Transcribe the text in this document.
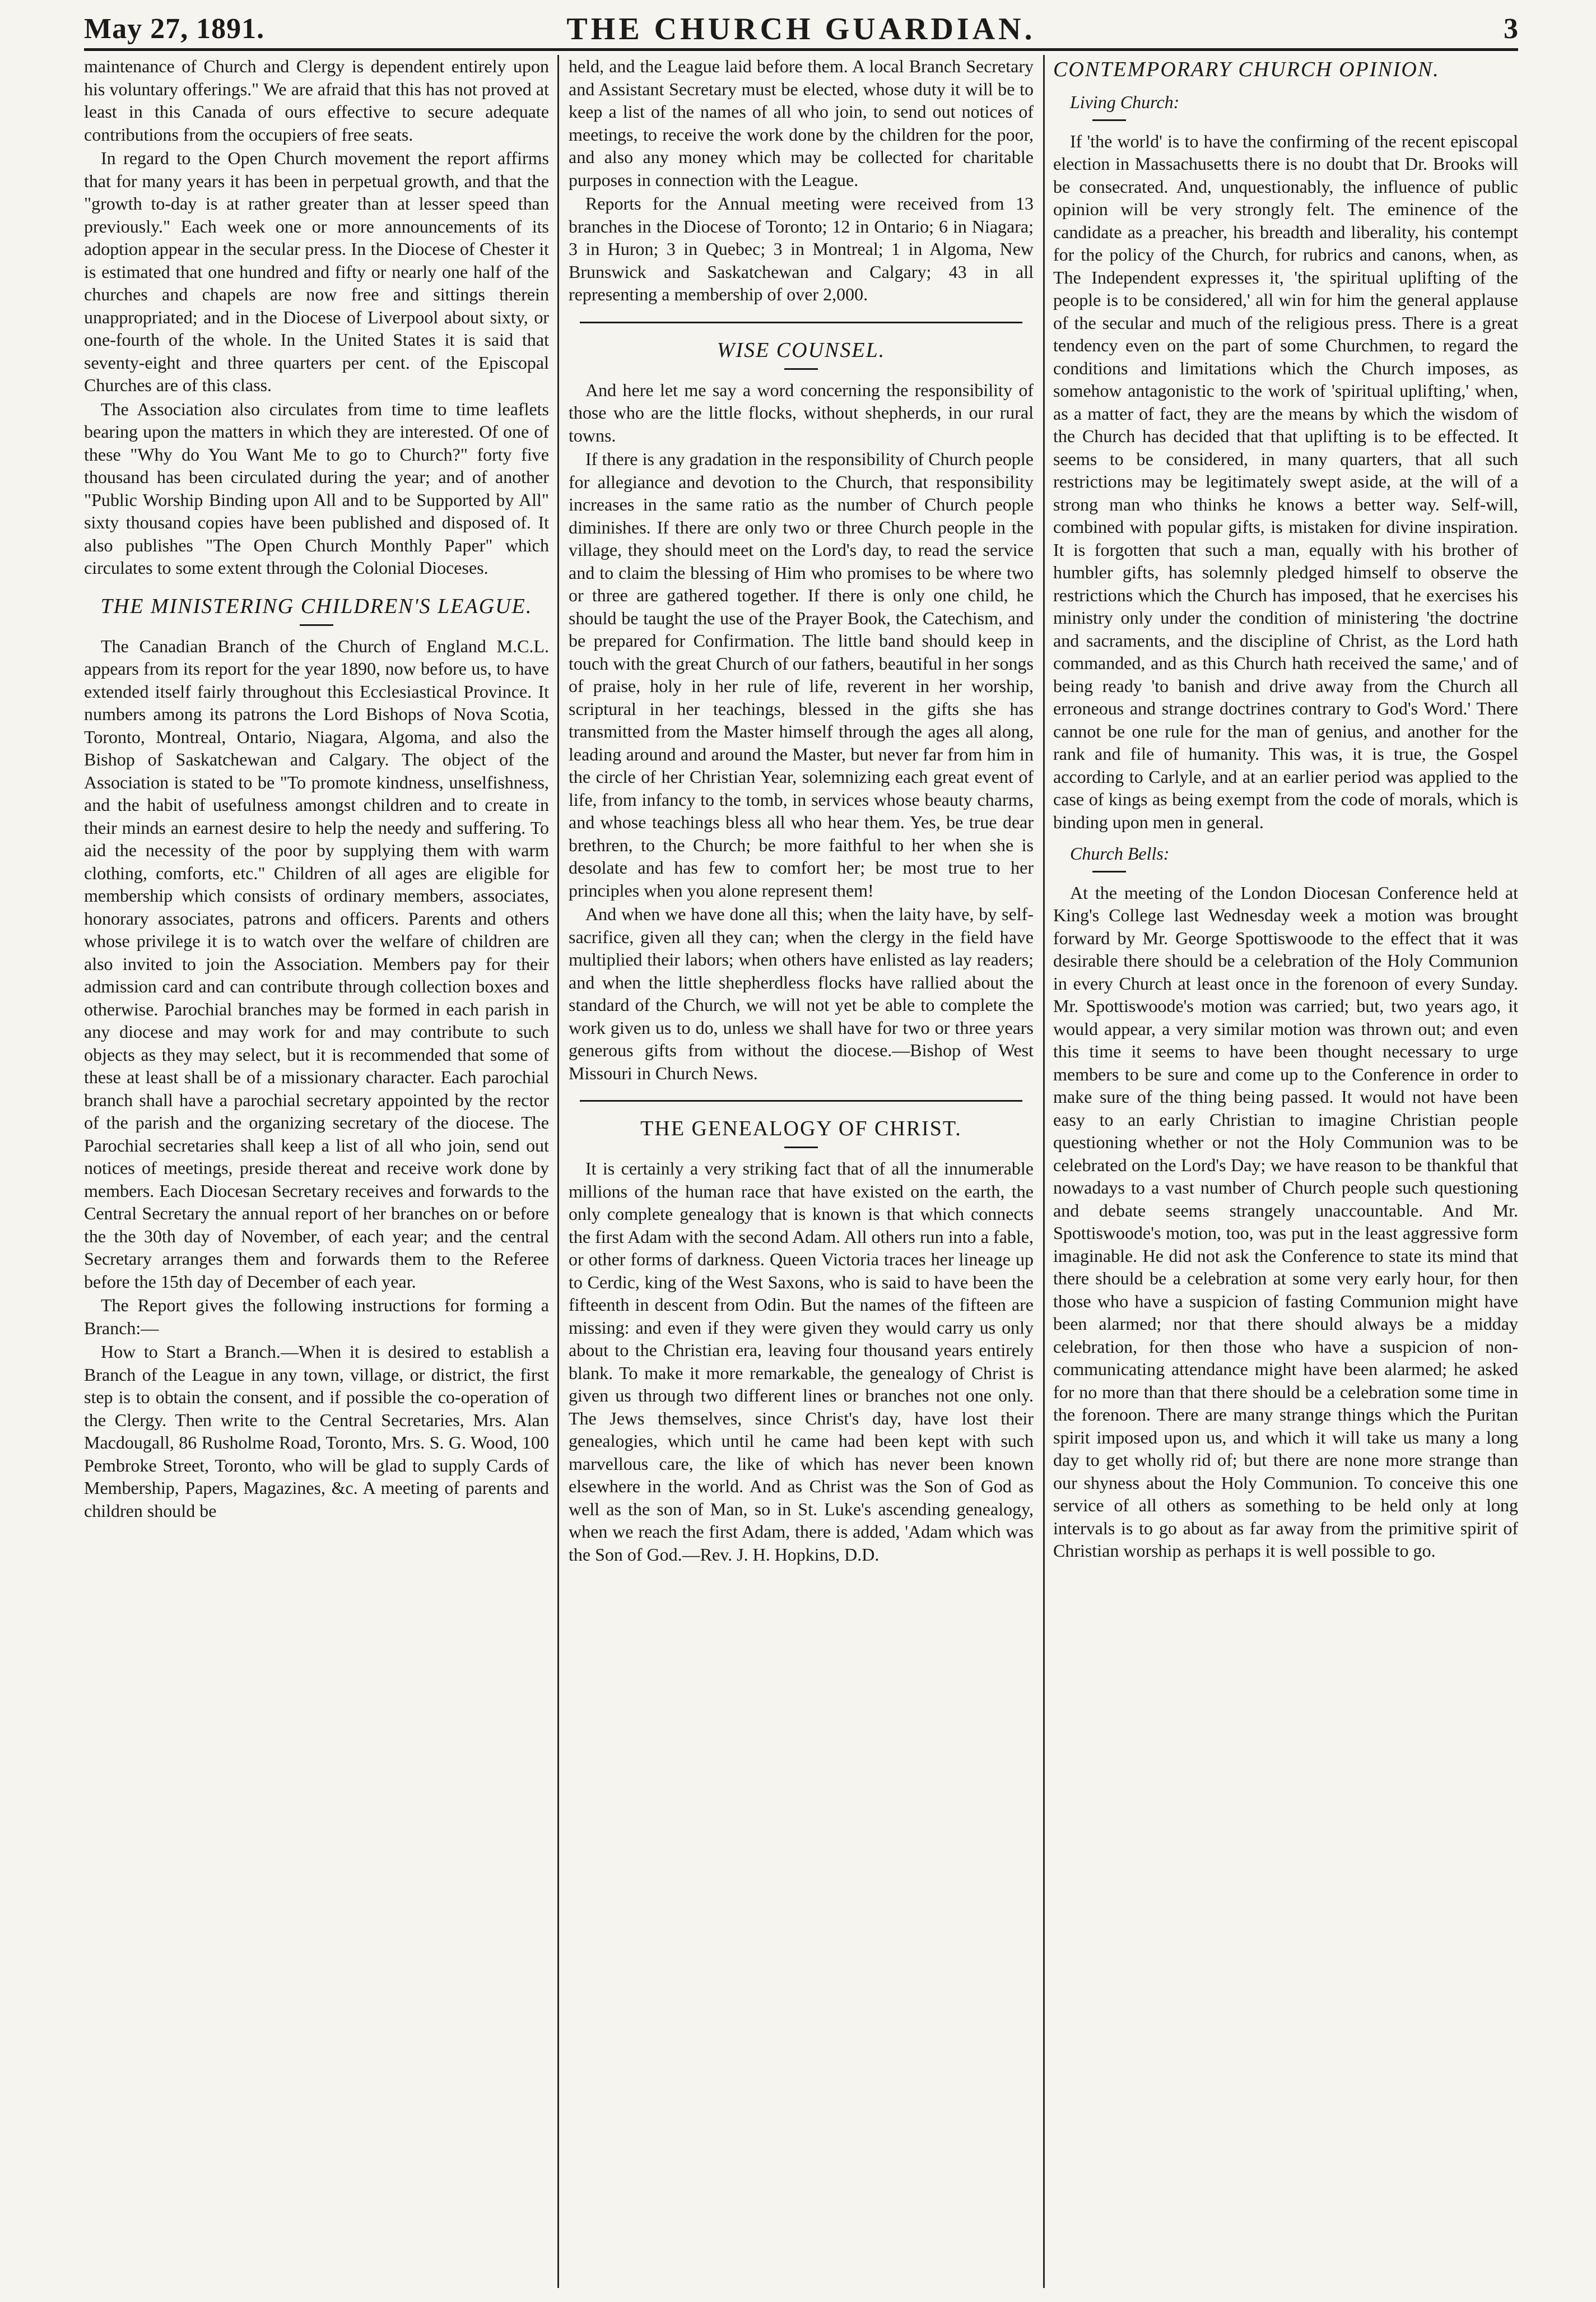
May 27, 1891.	THE CHURCH GUARDIAN.	3

maintenance of Church and Clergy is dependent entirely upon his voluntary offerings." We are afraid that this has not proved at least in this Canada of ours effective to secure adequate contributions from the occupiers of free seats.

In regard to the Open Church movement the report affirms that for many years it has been in perpetual growth, and that the "growth to-day is at rather greater than at lesser speed than previously." Each week one or more announcements of its adoption appear in the secular press. In the Diocese of Chester it is estimated that one hundred and fifty or nearly one half of the churches and chapels are now free and sittings therein unappropriated; and in the Diocese of Liverpool about sixty, or one-fourth of the whole. In the United States it is said that seventy-eight and three quarters per cent. of the Episcopal Churches are of this class.

The Association also circulates from time to time leaflets bearing upon the matters in which they are interested. Of one of these "Why do You Want Me to go to Church?" forty five thousand has been circulated during the year; and of another "Public Worship Binding upon All and to be Supported by All" sixty thousand copies have been published and disposed of. It also publishes "The Open Church Monthly Paper" which circulates to some extent through the Colonial Dioceses.

THE MINISTERING CHILDREN'S LEAGUE.

The Canadian Branch of the Church of England M.C.L. appears from its report for the year 1890, now before us, to have extended itself fairly throughout this Ecclesiastical Province. It numbers among its patrons the Lord Bishops of Nova Scotia, Toronto, Montreal, Ontario, Niagara, Algoma, and also the Bishop of Saskatchewan and Calgary. The object of the Association is stated to be "To promote kindness, unselfishness, and the habit of usefulness amongst children and to create in their minds an earnest desire to help the needy and suffering. To aid the necessity of the poor by supplying them with warm clothing, comforts, etc." Children of all ages are eligible for membership which consists of ordinary members, associates, honorary associates, patrons and officers. Parents and others whose privilege it is to watch over the welfare of children are also invited to join the Association. Members pay for their admission card and can contribute through collection boxes and otherwise. Parochial branches may be formed in each parish in any diocese and may work for and may contribute to such objects as they may select, but it is recommended that some of these at least shall be of a missionary character. Each parochial branch shall have a parochial secretary appointed by the rector of the parish and the organizing secretary of the diocese. The Parochial secretaries shall keep a list of all who join, send out notices of meetings, preside thereat and receive work done by members. Each Diocesan Secretary receives and forwards to the Central Secretary the annual report of her branches on or before the the 30th day of November, of each year; and the central Secretary arranges them and forwards them to the Referee before the 15th day of December of each year.

The Report gives the following instructions for forming a Branch:—

How to Start a Branch.—When it is desired to establish a Branch of the League in any town, village, or district, the first step is to obtain the consent, and if possible the co-operation of the Clergy. Then write to the Central Secretaries, Mrs. Alan Macdougall, 86 Rusholme Road, Toronto, Mrs. S. G. Wood, 100 Pembroke Street, Toronto, who will be glad to supply Cards of Membership, Papers, Magazines, &c. A meeting of parents and children should be

held, and the League laid before them. A local Branch Secretary and Assistant Secretary must be elected, whose duty it will be to keep a list of the names of all who join, to send out notices of meetings, to receive the work done by the children for the poor, and also any money which may be collected for charitable purposes in connection with the League.

Reports for the Annual meeting were received from 13 branches in the Diocese of Toronto; 12 in Ontario; 6 in Niagara; 3 in Huron; 3 in Quebec; 3 in Montreal; 1 in Algoma, New Brunswick and Saskatchewan and Calgary; 43 in all representing a membership of over 2,000.

WISE COUNSEL.

And here let me say a word concerning the responsibility of those who are the little flocks, without shepherds, in our rural towns.

If there is any gradation in the responsibility of Church people for allegiance and devotion to the Church, that responsibility increases in the same ratio as the number of Church people diminishes. If there are only two or three Church people in the village, they should meet on the Lord's day, to read the service and to claim the blessing of Him who promises to be where two or three are gathered together. If there is only one child, he should be taught the use of the Prayer Book, the Catechism, and be prepared for Confirmation. The little band should keep in touch with the great Church of our fathers, beautiful in her songs of praise, holy in her rule of life, reverent in her worship, scriptural in her teachings, blessed in the gifts she has transmitted from the Master himself through the ages all along, leading around and around the Master, but never far from him in the circle of her Christian Year, solemnizing each great event of life, from infancy to the tomb, in services whose beauty charms, and whose teachings bless all who hear them. Yes, be true dear brethren, to the Church; be more faithful to her when she is desolate and has few to comfort her; be most true to her principles when you alone represent them!

And when we have done all this; when the laity have, by self-sacrifice, given all they can; when the clergy in the field have multiplied their labors; when others have enlisted as lay readers; and when the little shepherdless flocks have rallied about the standard of the Church, we will not yet be able to complete the work given us to do, unless we shall have for two or three years generous gifts from without the diocese.—Bishop of West Missouri in Church News.

THE GENEALOGY OF CHRIST.

It is certainly a very striking fact that of all the innumerable millions of the human race that have existed on the earth, the only complete genealogy that is known is that which connects the first Adam with the second Adam. All others run into a fable, or other forms of darkness. Queen Victoria traces her lineage up to Cerdic, king of the West Saxons, who is said to have been the fifteenth in descent from Odin. But the names of the fifteen are missing: and even if they were given they would carry us only about to the Christian era, leaving four thousand years entirely blank. To make it more remarkable, the genealogy of Christ is given us through two different lines or branches not one only. The Jews themselves, since Christ's day, have lost their genealogies, which until he came had been kept with such marvellous care, the like of which has never been known elsewhere in the world. And as Christ was the Son of God as well as the son of Man, so in St. Luke's ascending genealogy, when we reach the first Adam, there is added, 'Adam which was the Son of God.—Rev. J. H. Hopkins, D.D.

CONTEMPORARY CHURCH OPINION.
Living Church:

If 'the world' is to have the confirming of the recent episcopal election in Massachusetts there is no doubt that Dr. Brooks will be consecrated. And, unquestionably, the influence of public opinion will be very strongly felt. The eminence of the candidate as a preacher, his breadth and liberality, his contempt for the policy of the Church, for rubrics and canons, when, as The Independent expresses it, 'the spiritual uplifting of the people is to be considered,' all win for him the general applause of the secular and much of the religious press. There is a great tendency even on the part of some Churchmen, to regard the conditions and limitations which the Church imposes, as somehow antagonistic to the work of 'spiritual uplifting,' when, as a matter of fact, they are the means by which the wisdom of the Church has decided that that uplifting is to be effected. It seems to be considered, in many quarters, that all such restrictions may be legitimately swept aside, at the will of a strong man who thinks he knows a better way. Self-will, combined with popular gifts, is mistaken for divine inspiration. It is forgotten that such a man, equally with his brother of humbler gifts, has solemnly pledged himself to observe the restrictions which the Church has imposed, that he exercises his ministry only under the condition of ministering 'the doctrine and sacraments, and the discipline of Christ, as the Lord hath commanded, and as this Church hath received the same,' and of being ready 'to banish and drive away from the Church all erroneous and strange doctrines contrary to God's Word.' There cannot be one rule for the man of genius, and another for the rank and file of humanity. This was, it is true, the Gospel according to Carlyle, and at an earlier period was applied to the case of kings as being exempt from the code of morals, which is binding upon men in general.

Church Bells:

At the meeting of the London Diocesan Conference held at King's College last Wednesday week a motion was brought forward by Mr. George Spottiswoode to the effect that it was desirable there should be a celebration of the Holy Communion in every Church at least once in the forenoon of every Sunday. Mr. Spottiswoode's motion was carried; but, two years ago, it would appear, a very similar motion was thrown out; and even this time it seems to have been thought necessary to urge members to be sure and come up to the Conference in order to make sure of the thing being passed. It would not have been easy to an early Christian to imagine Christian people questioning whether or not the Holy Communion was to be celebrated on the Lord's Day; we have reason to be thankful that nowadays to a vast number of Church people such questioning and debate seems strangely unaccountable. And Mr. Spottiswoode's motion, too, was put in the least aggressive form imaginable. He did not ask the Conference to state its mind that there should be a celebration at some very early hour, for then those who have a suspicion of fasting Communion might have been alarmed; nor that there should always be a midday celebration, for then those who have a suspicion of non-communicating attendance might have been alarmed; he asked for no more than that there should be a celebration some time in the forenoon. There are many strange things which the Puritan spirit imposed upon us, and which it will take us many a long day to get wholly rid of; but there are none more strange than our shyness about the Holy Communion. To conceive this one service of all others as something to be held only at long intervals is to go about as far away from the primitive spirit of Christian worship as perhaps it is well possible to go.
